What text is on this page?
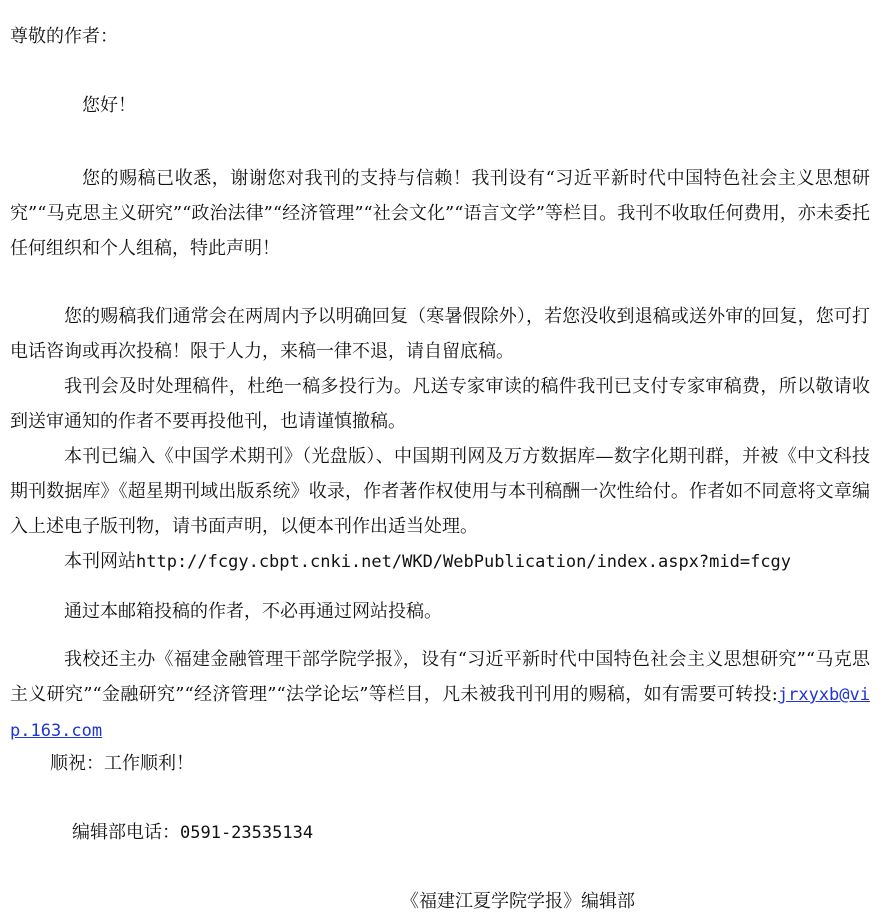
尊敬的作者：

您好！

您的赐稿已收悉，谢谢您对我刊的支持与信赖！我刊设有“习近平新时代中国特色社会主义思想研究”“马克思主义研究”“政治法律”“经济管理”“社会文化”“语言文学”等栏目。我刊不收取任何费用，亦未委托任何组织和个人组稿，特此声明！

您的赐稿我们通常会在两周内予以明确回复（寒暑假除外），若您没收到退稿或送外审的回复，您可打电话咨询或再次投稿！限于人力，来稿一律不退，请自留底稿。

我刊会及时处理稿件，杜绝一稿多投行为。凡送专家审读的稿件我刊已支付专家审稿费，所以敬请收到送审通知的作者不要再投他刊，也请谨慎撤稿。

本刊已编入《中国学术期刊》（光盘版）、中国期刊网及万方数据库—数字化期刊群，并被《中文科技期刊数据库》《超星期刊域出版系统》收录，作者著作权使用与本刊稿酬一次性给付。作者如不同意将文章编入上述电子版刊物，请书面声明，以便本刊作出适当处理。

本刊网站http://fcgy.cbpt.cnki.net/WKD/WebPublication/index.aspx?mid=fcgy

通过本邮箱投稿的作者，不必再通过网站投稿。

我校还主办《福建金融管理干部学院学报》，设有“习近平新时代中国特色社会主义思想研究”“马克思主义研究”“金融研究”“经济管理”“法学论坛”等栏目，凡未被我刊刊用的赐稿，如有需要可转投:jrxyxb@vip.163.com

顺祝：工作顺利！

编辑部电话：0591-23535134

《福建江夏学院学报》编辑部
